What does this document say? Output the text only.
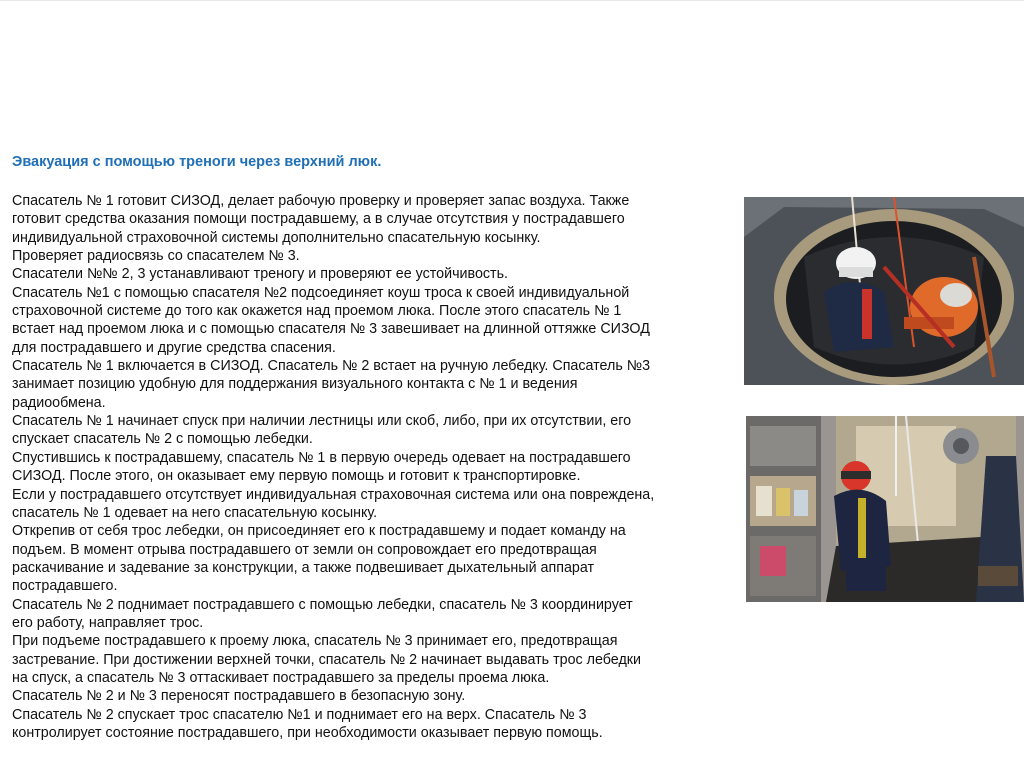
Эвакуация с помощью треноги через верхний люк.
Спасатель № 1 готовит СИЗОД, делает рабочую проверку и проверяет запас воздуха. Также
готовит средства оказания помощи пострадавшему, а в случае отсутствия у пострадавшего
индивидуальной страховочной системы дополнительно спасательную косынку.
Проверяет радиосвязь со спасателем № 3.
Спасатели №№ 2, 3 устанавливают треногу и проверяют ее устойчивость.
Спасатель №1 с помощью спасателя №2 подсоединяет коуш троса к своей индивидуальной
страховочной системе до того как окажется над проемом люка. После этого спасатель № 1
встает над проемом люка и с помощью спасателя № 3 завешивает на длинной оттяжке СИЗОД
для пострадавшего и другие средства спасения.
Спасатель № 1 включается в СИЗОД. Спасатель № 2 встает на ручную лебедку. Спасатель №3
занимает позицию удобную для поддержания визуального контакта с № 1 и ведения
радиообмена.
Спасатель № 1 начинает спуск при наличии лестницы или скоб, либо, при их отсутствии, его
спускает спасатель № 2 с помощью лебедки.
Спустившись к пострадавшему, спасатель № 1 в первую очередь одевает на пострадавшего
СИЗОД. После этого, он оказывает ему первую помощь и готовит к транспортировке.
Если у пострадавшего отсутствует индивидуальная страховочная система или она повреждена,
спасатель № 1 одевает на него спасательную косынку.
Открепив от себя трос лебедки, он присоединяет его к пострадавшему и подает команду на
подъем. В момент отрыва пострадавшего от земли он сопровождает его предотвращая
раскачивание и задевание за конструкции, а также подвешивает дыхательный аппарат
пострадавшего.
Спасатель № 2 поднимает пострадавшего с помощью лебедки, спасатель № 3 координирует
его работу, направляет трос.
При подъеме пострадавшего к проему люка, спасатель № 3 принимает его, предотвращая
застревание. При достижении верхней точки, спасатель № 2 начинает выдавать трос лебедки
на спуск, а спасатель № 3 оттаскивает пострадавшего за пределы проема люка.
Спасатель № 2 и № 3 переносят пострадавшего в безопасную зону.
Спасатель № 2 спускает трос спасателю №1 и поднимает его на верх. Спасатель № 3
контролирует состояние пострадавшего, при необходимости оказывает первую помощь.
